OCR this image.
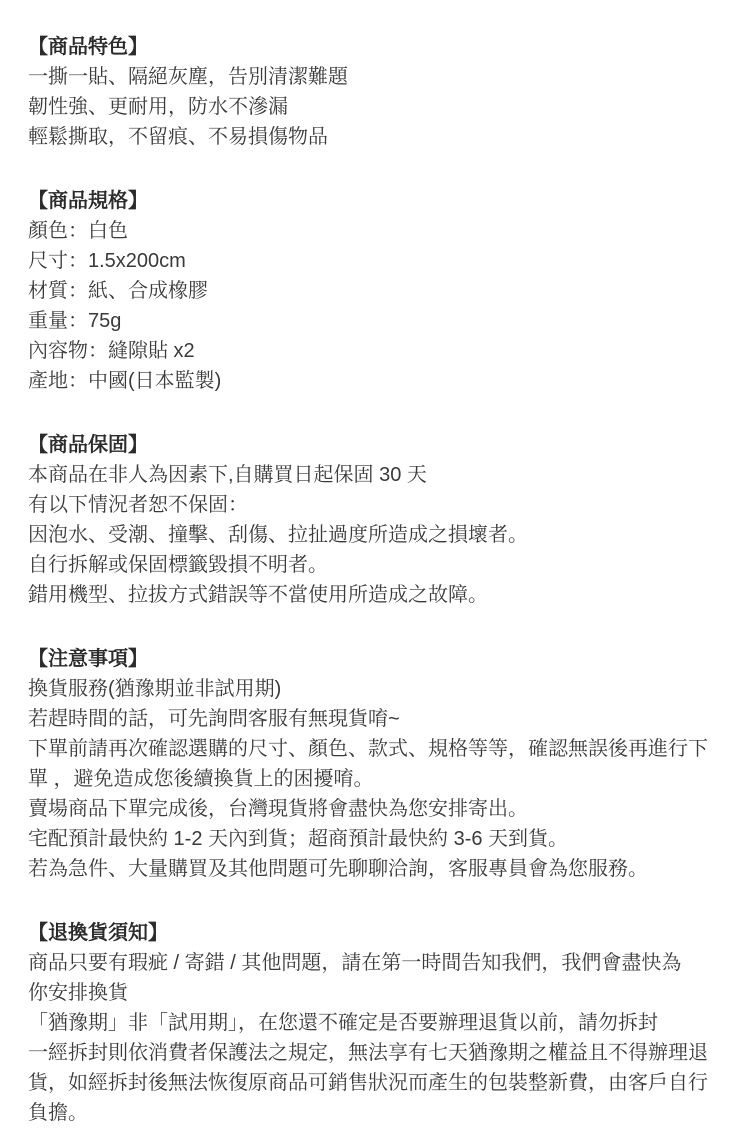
【商品特色】

一撕一貼、隔絕灰塵，告別清潔難題

韌性強、更耐用，防水不滲漏

輕鬆撕取，不留痕、不易損傷物品

【商品規格】

顏色：白色

尺寸：1.5x200cm

材質：紙、合成橡膠

重量：75g

內容物：縫隙貼 x2

產地：中國(日本監製)

【商品保固】

本商品在非人為因素下,自購買日起保固 30 天

有以下情況者恕不保固：

因泡水、受潮、撞擊、刮傷、拉扯過度所造成之損壞者。

自行拆解或保固標籤毀損不明者。

錯用機型、拉拔方式錯誤等不當使用所造成之故障。

【注意事項】

換貨服務(猶豫期並非試用期)

若趕時間的話，可先詢問客服有無現貨唷~

下單前請再次確認選購的尺寸、顏色、款式、規格等等，確認無誤後再進行下

單 ，避免造成您後續換貨上的困擾唷。

賣場商品下單完成後，台灣現貨將會盡快為您安排寄出。

宅配預計最快約 1-2 天內到貨；超商預計最快約 3-6 天到貨。

若為急件、大量購買及其他問題可先聊聊洽詢，客服專員會為您服務。

【退換貨須知】

商品只要有瑕疵 / 寄錯 / 其他問題，請在第一時間告知我們，我們會盡快為

你安排換貨

「猶豫期」非「試用期」，在您還不確定是否要辦理退貨以前，請勿拆封

一經拆封則依消費者保護法之規定，無法享有七天猶豫期之權益且不得辦理退

貨，如經拆封後無法恢復原商品可銷售狀況而產生的包裝整新費，由客戶自行

負擔。
